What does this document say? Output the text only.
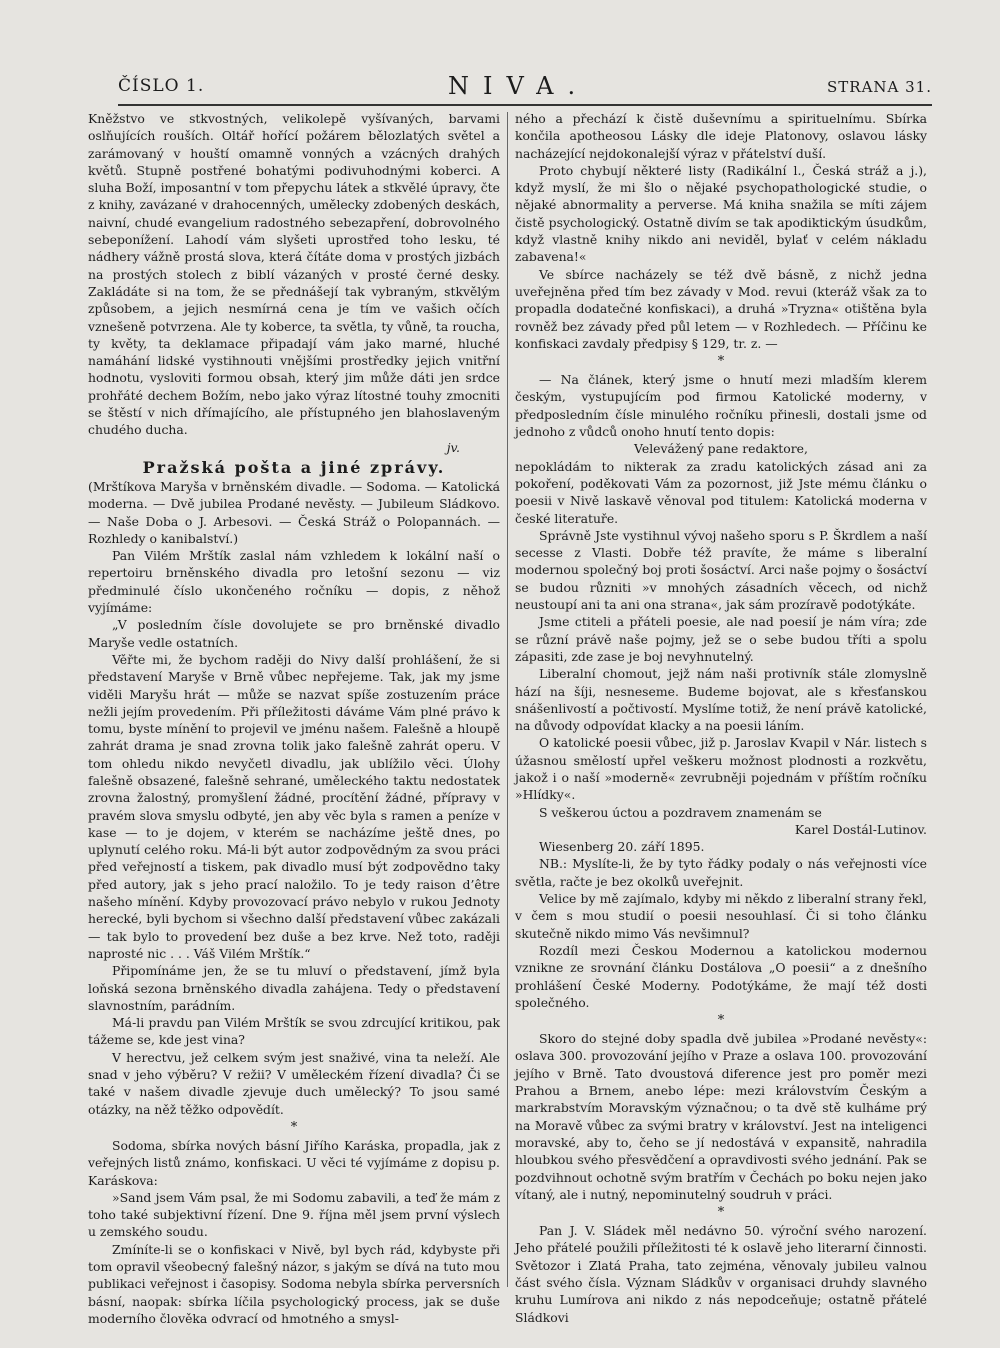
ČÍSLO 1.	NIVA.	STRANA 31.

Kněžstvo ve stkvostných, velikolepě vyšívaných, barvami oslňujících rouších. Oltář hořící požárem bělozlatých světel a zarámovaný v houští omamně vonných a vzácných drahých květů. Stupně postřené bohatými podivuhodnými koberci. A sluha Boží, imposantní v tom přepychu látek a stkvělé úpravy, čte z knihy, zavázané v drahocenných, umělecky zdobených deskách, naivní, chudé evangelium radostného sebezapření, dobrovolného sebeponížení. Lahodí vám slyšeti uprostřed toho lesku, té nádhery vážně prostá slova, která čítáte doma v prostých jizbách na prostých stolech z biblí vázaných v prosté černé desky. Zakládáte si na tom, že se přednášejí tak vybraným, stkvělým způsobem, a jejich nesmírná cena je tím ve vašich očích vznešeně potvrzena. Ale ty koberce, ta světla, ty vůně, ta roucha, ty květy, ta deklamace připadají vám jako marné, hluché namáhání lidské vystihnouti vnějšími prostředky jejich vnitřní hodnotu, vysloviti formou obsah, který jim může dáti jen srdce prohřáté dechem Božím, nebo jako výraz lítostné touhy zmocniti se štěstí v nich dřímajícího, ale přístupného jen blahoslaveným chudého ducha.

jv.
Pražská pošta a jiné zprávy.

(Mrštíkova Maryša v brněnském divadle. — Sodoma. — Katolická moderna. — Dvě jubilea Prodané nevěsty. — Jubileum Sládkovo. — Naše Doba o J. Arbesovi. — Česká Stráž o Polopannách. — Rozhledy o kanibalství.)

Pan Vilém Mrštík zaslal nám vzhledem k lokální naší o repertoiru brněnského divadla pro letošní sezonu — viz předminulé číslo ukončeného ročníku — dopis, z něhož vyjímáme:

„V posledním čísle dovolujete se pro brněnské divadlo Maryše vedle ostatních.

Věřte mi, že bychom raději do Nivy další prohlášení, že si představení Maryše v Brně vůbec nepřejeme. Tak, jak my jsme viděli Maryšu hrát — může se nazvat spíše zostuzením práce nežli jejím provedením. Při příležitosti dáváme Vám plné právo k tomu, byste mínění to projevil ve jménu našem. Falešně a hloupě zahrát drama je snad zrovna tolik jako falešně zahrát operu. V tom ohledu nikdo nevyčetl divadlu, jak ublížilo věci. Úlohy falešně obsazené, falešně sehrané, uměleckého taktu nedostatek zrovna žalostný, promyšlení žádné, procítění žádné, přípravy v pravém slova smyslu odbyté, jen aby věc byla s ramen a peníze v kase — to je dojem, v kterém se nacházíme ještě dnes, po uplynutí celého roku. Má-li být autor zodpovědným za svou práci před veřejností a tiskem, pak divadlo musí být zodpovědno taky před autory, jak s jeho prací naložilo. To je tedy raison d’être našeho mínění. Kdyby provozovací právo nebylo v rukou Jednoty herecké, byli bychom si všechno další představení vůbec zakázali — tak bylo to provedení bez duše a bez krve. Než toto, raději naprosté nic . . . Váš Vilém Mrštík.“

Připomínáme jen, že se tu mluví o představení, jímž byla loňská sezona brněnského divadla zahájena. Tedy o představení slavnostním, parádním.

Má-li pravdu pan Vilém Mrštík se svou zdrcující kritikou, pak tážeme se, kde jest vina?

V herectvu, jež celkem svým jest snaživé, vina ta neleží. Ale snad v jeho výběru? V režii? V uměleckém řízení divadla? Či se také v našem divadle zjevuje duch umělecký? To jsou samé otázky, na něž těžko odpovědít.

*

Sodoma, sbírka nových básní Jiřího Karáska, propadla, jak z veřejných listů známo, konfiskaci. U věci té vyjímáme z dopisu p. Karáskova:

»Sand jsem Vám psal, že mi Sodomu zabavili, a teď že mám z toho také subjektivní řízení. Dne 9. října měl jsem první výslech u zemského soudu.

Zmíníte-li se o konfiskaci v Nivě, byl bych rád, kdybyste při tom opravil všeobecný falešný názor, s jakým se dívá na tuto mou publikaci veřejnost i časopisy. Sodoma nebyla sbírka perversních básní, naopak: sbírka líčila psychologický process, jak se duše moderního člověka odvrací od hmotného a smysl-

ného a přechází k čistě duševnímu a spirituelnímu. Sbírka končila apotheosou Lásky dle ideje Platonovy, oslavou lásky nacházející nejdokonalejší výraz v přátelství duší.

Proto chybují některé listy (Radikální l., Česká stráž a j.), když myslí, že mi šlo o nějaké psychopathologické studie, o nějaké abnormality a perverse. Má kniha snažila se míti zájem čistě psychologický. Ostatně divím se tak apodiktickým úsudkům, když vlastně knihy nikdo ani neviděl, bylať v celém nákladu zabavena!«

Ve sbírce nacházely se též dvě básně, z nichž jedna uveřejněna před tím bez závady v Mod. revui (kteráž však za to propadla dodatečné konfiskaci), a druhá »Tryzna« otištěna byla rovněž bez závady před půl letem — v Rozhledech. — Příčinu ke konfiskaci zavdaly předpisy § 129, tr. z. —

*

— Na článek, který jsme o hnutí mezi mladším klerem českým, vystupujícím pod firmou Katolické moderny, v předposledním čísle minulého ročníku přinesli, dostali jsme od jednoho z vůdců onoho hnutí tento dopis:

Velevážený pane redaktore,

nepokládám to nikterak za zradu katolických zásad ani za pokoření, poděkovati Vám za pozornost, již Jste mému článku o poesii v Nivě laskavě věnoval pod titulem: Katolická moderna v české literatuře.

Správně Jste vystihnul vývoj našeho sporu s P. Škrdlem a naší secesse z Vlasti. Dobře též pravíte, že máme s liberalní modernou společný boj proti šosáctví. Arci naše pojmy o šosáctví se budou různiti »v mnohých zásadních věcech, od nichž neustoupí ani ta ani ona strana«, jak sám prozíravě podotýkáte.

Jsme ctiteli a přáteli poesie, ale nad poesií je nám víra; zde se různí právě naše pojmy, jež se o sebe budou tříti a spolu zápasiti, zde zase je boj nevyhnutelný.

Liberalní chomout, jejž nám naši protivník stále zlomyslně hází na šíji, nesneseme. Budeme bojovat, ale s křesťanskou snášenlivostí a počtivostí. Myslíme totiž, že není právě katolické, na důvody odpovídat klacky a na poesii láním.

O katolické poesii vůbec, již p. Jaroslav Kvapil v Nár. listech s úžasnou smělostí upřel veškeru možnost plodnosti a rozkvětu, jakož i o naší »moderně« zevrubněji pojednám v příštím ročníku »Hlídky«.

S veškerou úctou a pozdravem znamenám se

Karel Dostál-Lutinov.

Wiesenberg 20. září 1895.

NB.: Myslíte-li, že by tyto řádky podaly o nás veřejnosti více světla, račte je bez okolků uveřejnit.

Velice by mě zajímalo, kdyby mi někdo z liberalní strany řekl, v čem s mou studií o poesii nesouhlasí. Či si toho článku skutečně nikdo mimo Vás nevšimnul?

Rozdíl mezi Českou Modernou a katolickou modernou vznikne ze srovnání článku Dostálova „O poesii“ a z dnešního prohlášení České Moderny. Podotýkáme, že mají též dosti společného.

*

Skoro do stejné doby spadla dvě jubilea »Prodané nevěsty«: oslava 300. provozování jejího v Praze a oslava 100. provozování jejího v Brně. Tato dvoustová diference jest pro poměr mezi Prahou a Brnem, anebo lépe: mezi královstvím Českým a markrabstvím Moravským význačnou; o ta dvě stě kulháme prý na Moravě vůbec za svými bratry v království. Jest na inteligenci moravské, aby to, čeho se jí nedostává v expansitě, nahradila hloubkou svého přesvědčení a opravdivosti svého jednání. Pak se pozdvihnout ochotně svým bratřím v Čechách po boku nejen jako vítaný, ale i nutný, nepominutelný soudruh v práci.

*

Pan J. V. Sládek měl nedávno 50. výroční svého narození. Jeho přátelé použili příležitosti té k oslavě jeho literarní činnosti. Světozor i Zlatá Praha, tato zejména, věnovaly jubileu valnou část svého čísla. Význam Sládkův v organisaci druhdy slavného kruhu Lumírova ani nikdo z nás nepodceňuje; ostatně přátelé Sládkovi
